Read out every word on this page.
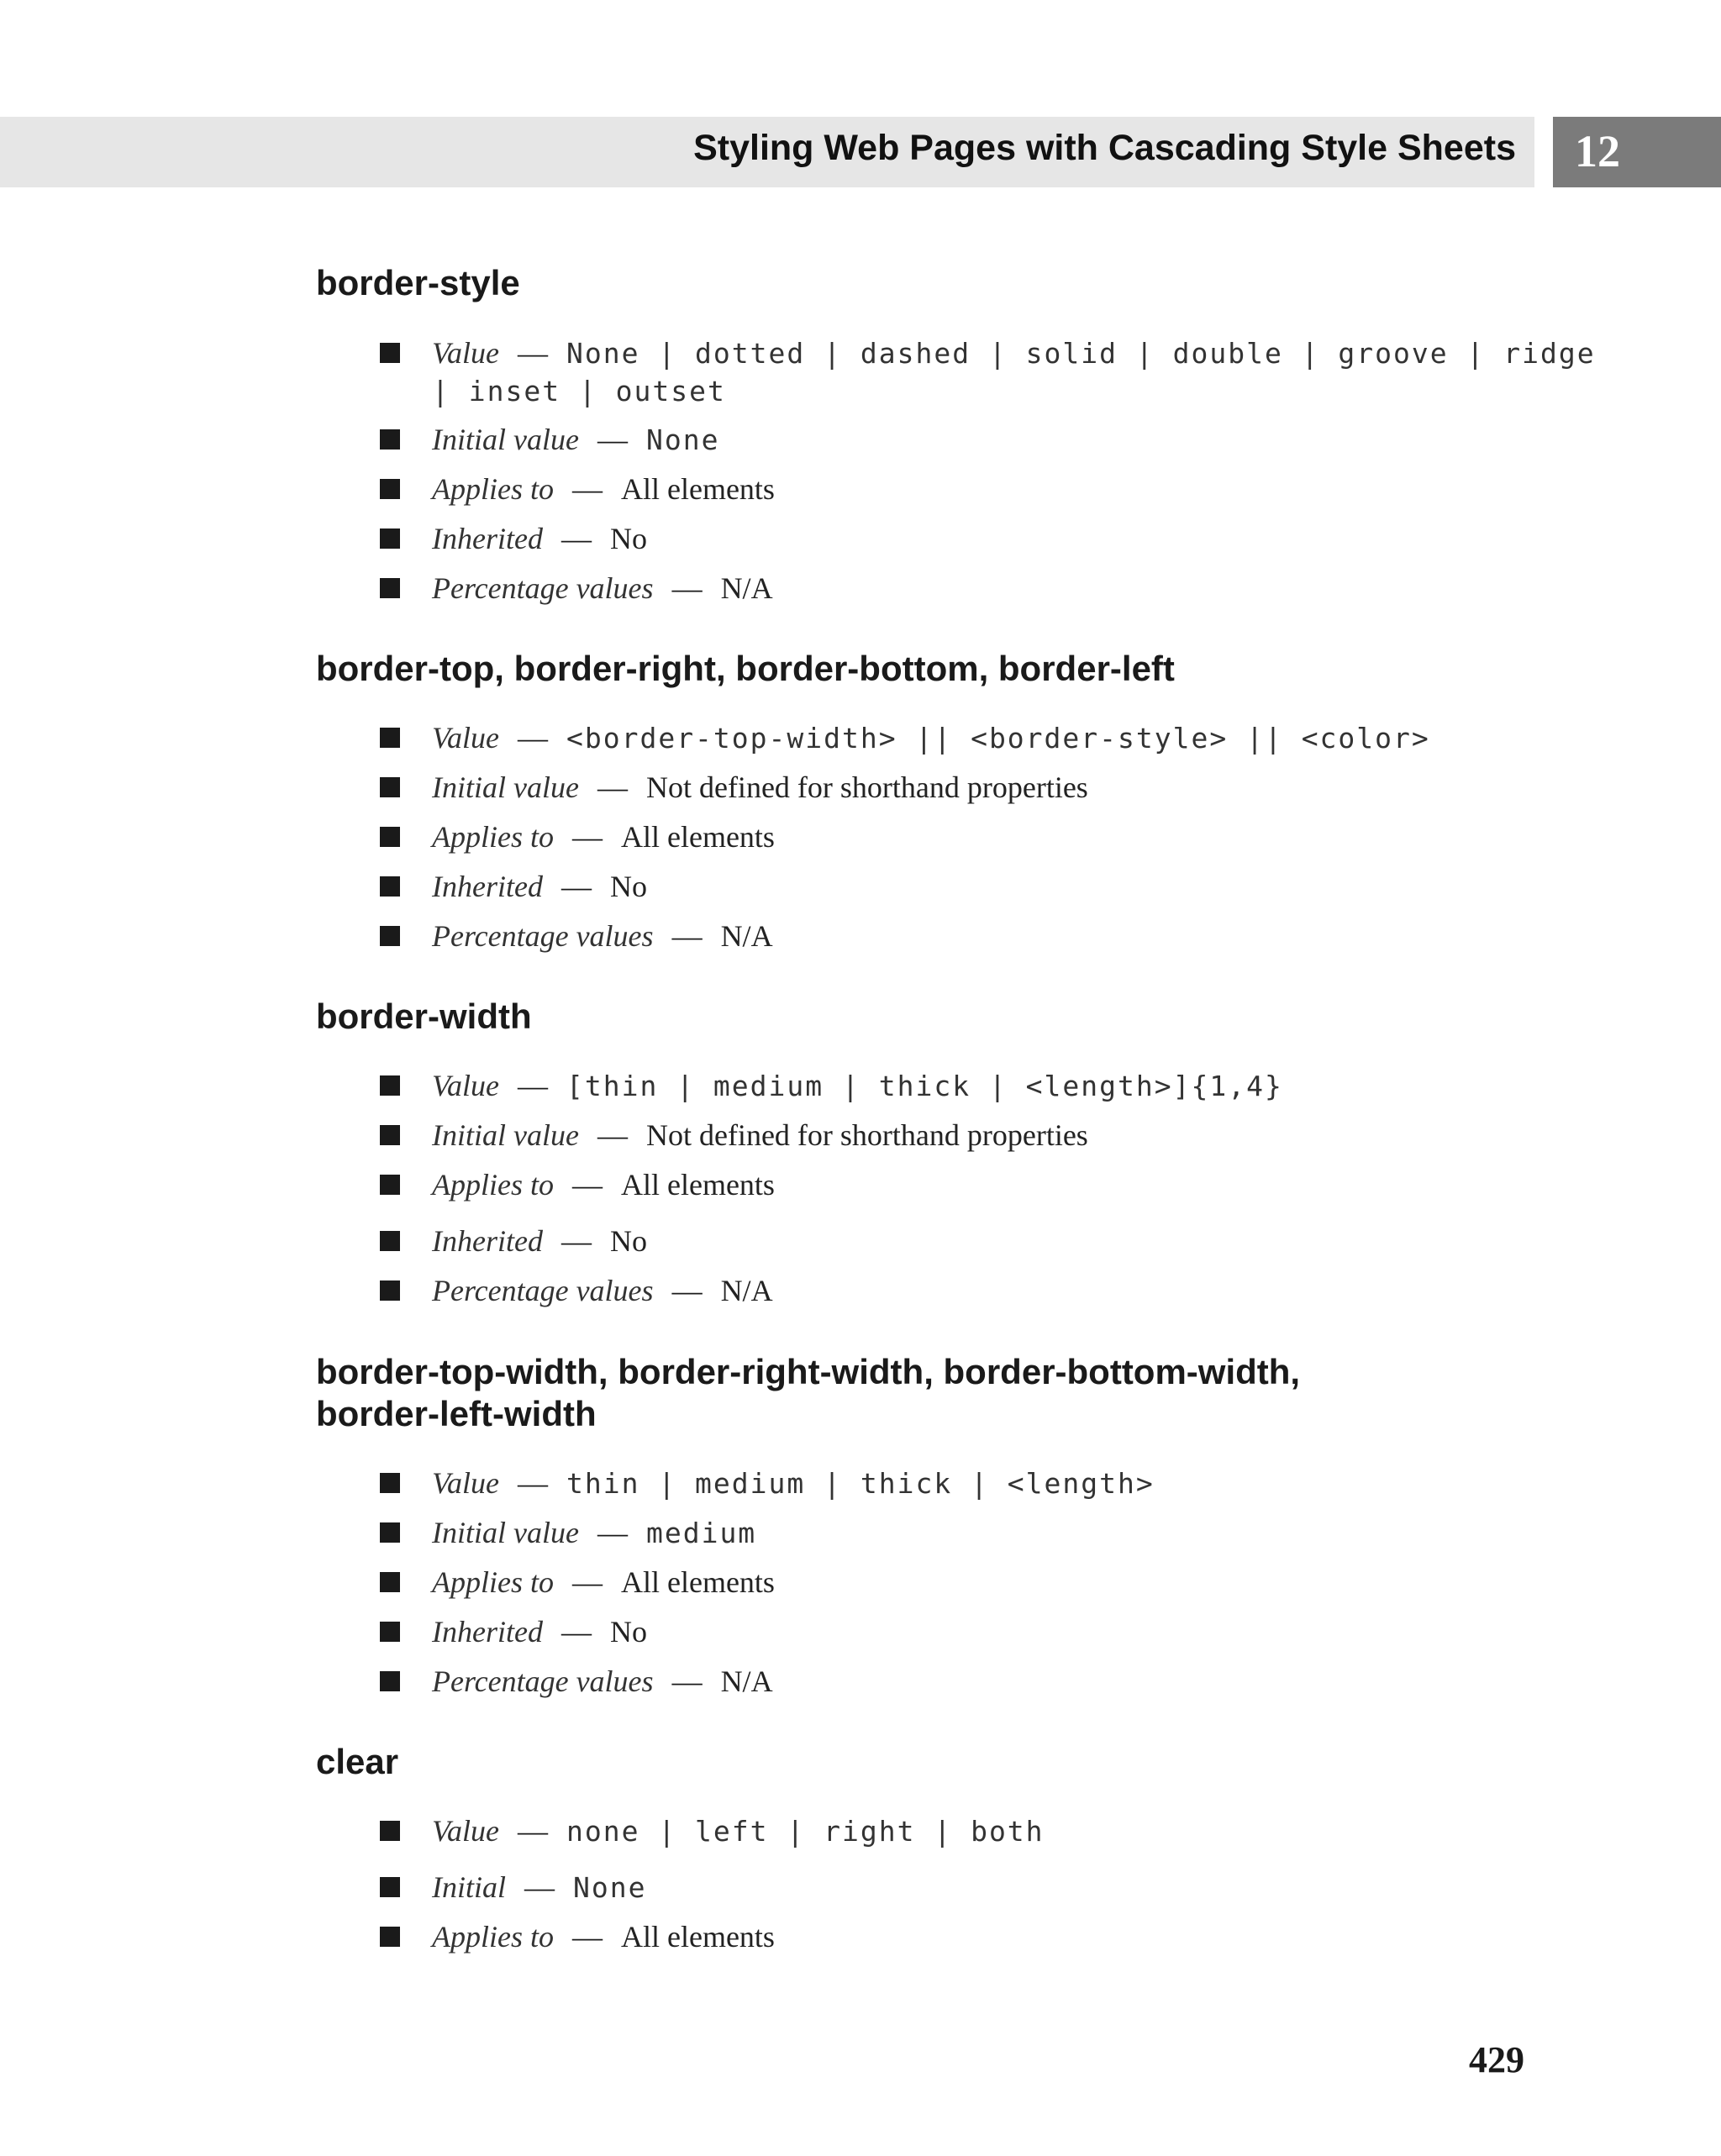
Styling Web Pages with Cascading Style Sheets 12
border-style
Value — None | dotted | dashed | solid | double | groove | ridge | inset | outset
Initial value — None
Applies to — All elements
Inherited — No
Percentage values — N/A
border-top, border-right, border-bottom, border-left
Value — <border-top-width> || <border-style> || <color>
Initial value — Not defined for shorthand properties
Applies to — All elements
Inherited — No
Percentage values — N/A
border-width
Value — [thin | medium | thick | <length>]{1,4}
Initial value — Not defined for shorthand properties
Applies to — All elements
Inherited — No
Percentage values — N/A
border-top-width, border-right-width, border-bottom-width, border-left-width
Value — thin | medium | thick | <length>
Initial value — medium
Applies to — All elements
Inherited — No
Percentage values — N/A
clear
Value — none | left | right | both
Initial — None
Applies to — All elements
429
